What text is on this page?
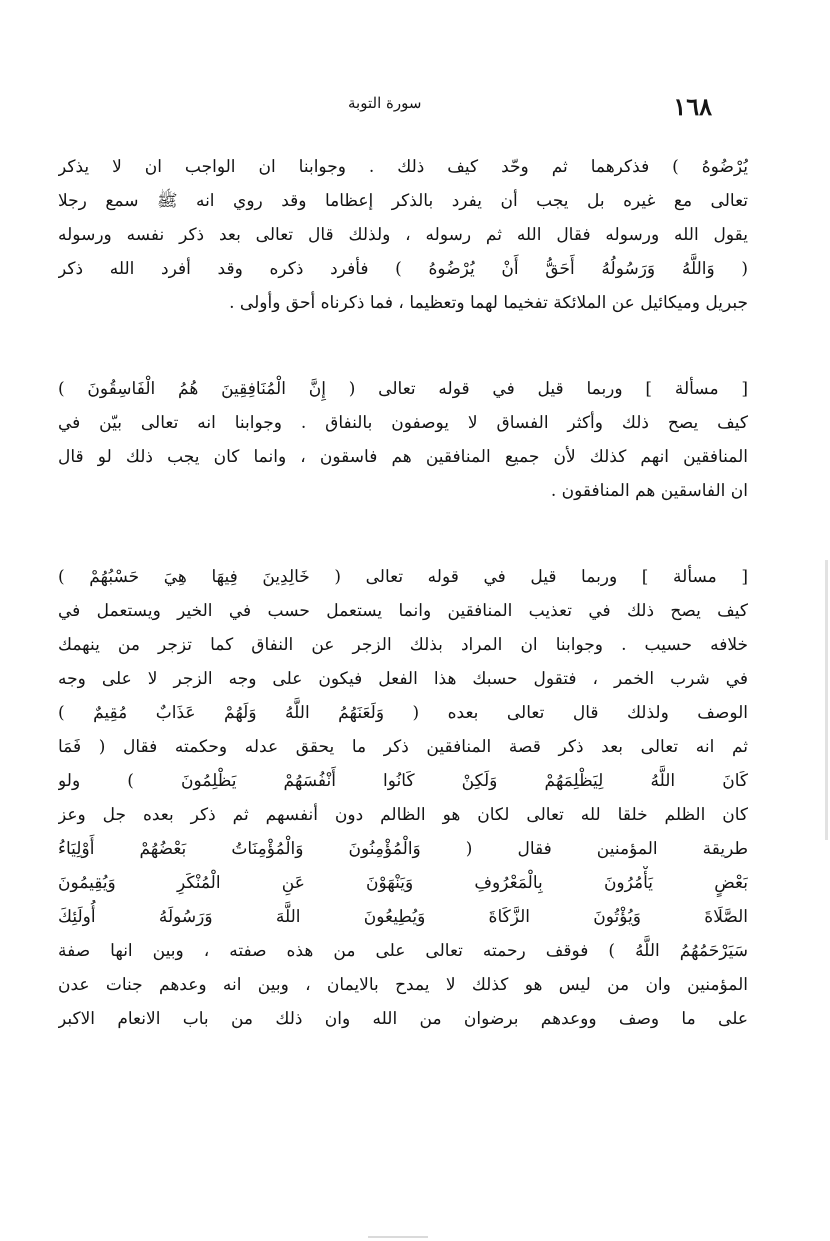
١٦٨
سورة التوبة
يُرْضُوهُ ) فذكرهما ثم وحّد كيف ذلك . وجوابنا ان الواجب ان لا يذكر
تعالى مع غيره بل يجب أن يفرد بالذكر إعظاما وقد روي انه ﷺ سمع رجلا
يقول الله ورسوله فقال الله ثم رسوله ، ولذلك قال تعالى بعد ذكر نفسه ورسوله
( وَاللَّهُ وَرَسُولُهُ أَحَقُّ أَنْ يُرْضُوهُ ) فأفرد ذكره وقد أفرد الله ذكر
جبريل وميكائيل عن الملائكة تفخيما لهما وتعظيما ، فما ذكرناه أحق وأولى .
[ مسألة ] وربما قيل في قوله تعالى ( إِنَّ الْمُنَافِقِينَ هُمُ الْفَاسِقُونَ )
كيف يصح ذلك وأكثر الفساق لا يوصفون بالنفاق . وجوابنا انه تعالى بيّن في
المنافقين انهم كذلك لأن جميع المنافقين هم فاسقون ، وانما كان يجب ذلك لو قال
ان الفاسقين هم المنافقون .
[ مسألة ] وربما قيل في قوله تعالى ( خَالِدِينَ فِيهَا هِيَ حَسْبُهُمْ )
كيف يصح ذلك في تعذيب المنافقين وانما يستعمل حسب في الخير ويستعمل في
خلافه حسيب . وجوابنا ان المراد بذلك الزجر عن النفاق كما تزجر من ينهمك
في شرب الخمر ، فتقول حسبك هذا الفعل فيكون على وجه الزجر لا على وجه
الوصف ولذلك قال تعالى بعده ( وَلَعَنَهُمُ اللَّهُ وَلَهُمْ عَذَابٌ مُقِيمٌ )
ثم انه تعالى بعد ذكر قصة المنافقين ذكر ما يحقق عدله وحكمته فقال ( فَمَا
كَانَ اللَّهُ لِيَظْلِمَهُمْ وَلَكِنْ كَانُوا أَنْفُسَهُمْ يَظْلِمُونَ ) ولو
كان الظلم خلقا لله تعالى لكان هو الظالم دون أنفسهم ثم ذكر بعده جل وعز
طريقة المؤمنين فقال ( وَالْمُؤْمِنُونَ وَالْمُؤْمِنَاتُ بَعْضُهُمْ أَوْلِيَاءُ
بَعْضٍ يَأْمُرُونَ بِالْمَعْرُوفِ وَيَنْهَوْنَ عَنِ الْمُنْكَرِ وَيُقِيمُونَ
الصَّلَاةَ وَيُؤْتُونَ الزَّكَاةَ وَيُطِيعُونَ اللَّهَ وَرَسُولَهُ أُولَئِكَ
سَيَرْحَمُهُمُ اللَّهُ ) فوقف رحمته تعالى على من هذه صفته ، وبين انها صفة
المؤمنين وان من ليس هو كذلك لا يمدح بالايمان ، وبين انه وعدهم جنات عدن
على ما وصف ووعدهم برضوان من الله وان ذلك من باب الانعام الاكبر
